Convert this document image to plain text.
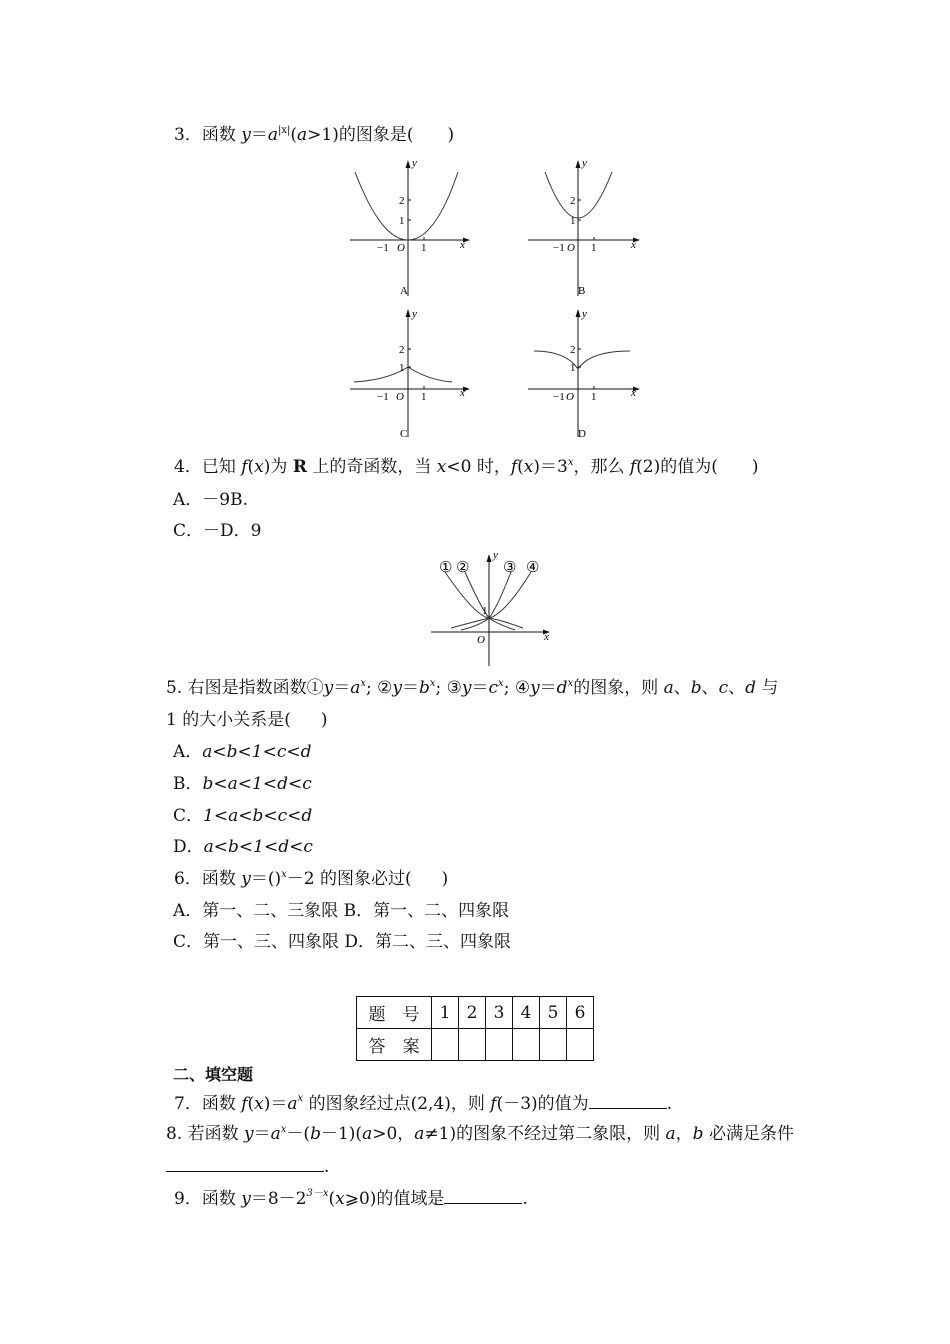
3．函数 $y=a^{|x|}(a>1)$的图象是( )
y
x
O
−1	1
1
2
A
y
x
O
−1 1
1
2
B
y
x
O
−1	1
1
2
C
y
x
O
−1 1
1
2
D
4．已知 f(x)为 R 上的奇函数，当 x<0 时，$f(x)=3^x$，那么 f(2)的值为( )
A．－9B.
C．－D．9
① ② ③ ④
y
x
O
1
5. 右图是指数函数$①y=a^x$; $②y=b^x$; $③y=c^x$; $④y=d^x$的图象，则 a、b、c、d 与
1 的大小关系是( )
A．a<b<1<c<d
B．b<a<1<d<c
C．1<a<b<c<d
D．a<b<1<d<c
6．函数 y＝()$^x$－2 的图象必过( )
A．第一、二、三象限 B．第一、二、四象限
C．第一、三、四象限 D．第二、三、四象限
题　号	1	2	3	4	5	6
答　案						
二、填空题
7．函数 $f(x)=a^x$ 的图象经过点(2,4)，则 f(－3)的值为	.
8. 若函数 $y=a^x-(b-1)(a>0$，a≠1)的图象不经过第二象限，则 a，b 必满足条件
.
9．函数 $y=8-2^{3-x}(x⩾0)$的值域是	.
